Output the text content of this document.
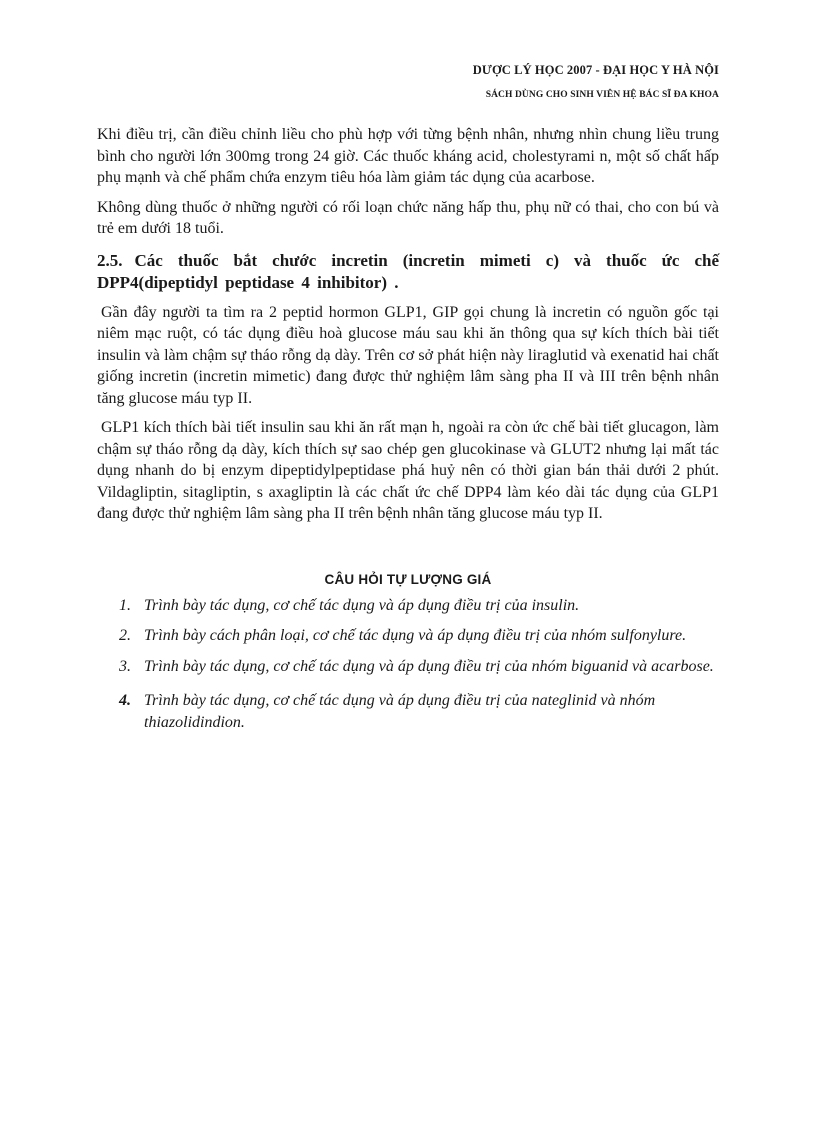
DƯỢC LÝ HỌC 2007 - ĐẠI HỌC Y HÀ NỘI
SÁCH DÙNG CHO SINH VIÊN HỆ BÁC SĨ ĐA KHOA

Khi điều trị, cần điều chỉnh liều cho phù hợp với từng bệnh nhân, nhưng nhìn chung liều trung bình cho người lớn 300mg trong 24 giờ. Các thuốc kháng acid, cholestyrami n, một số chất hấp phụ mạnh và chế phẩm chứa enzym tiêu hóa làm giảm tác dụng của acarbose.

Không dùng thuốc ở những người có rối loạn chức năng hấp thu, phụ nữ có thai, cho con bú và trẻ em dưới 18 tuổi.

2.5. Các thuốc bắt chước incretin (incretin mimeti c) và thuốc ức chế DPP4(dipeptidyl peptidase 4 inhibitor) .

Gần đây người ta tìm ra 2 peptid hormon GLP1, GIP gọi chung là incretin có nguồn gốc tại niêm mạc ruột, có tác dụng điều hoà glucose máu sau khi ăn thông qua sự kích thích bài tiết insulin và làm chậm sự tháo rỗng dạ dày. Trên cơ sở phát hiện này liraglutid và exenatid hai chất giống incretin (incretin mimetic) đang được thử nghiệm lâm sàng pha II và III trên bệnh nhân tăng glucose máu typ II.

GLP1 kích thích bài tiết insulin sau khi ăn rất mạn h, ngoài ra còn ức chế bài tiết glucagon, làm chậm sự tháo rỗng dạ dày, kích thích sự sao chép gen glucokinase và GLUT2 nhưng lại mất tác dụng nhanh do bị enzym dipeptidylpeptidase phá huỷ nên có thời gian bán thải dưới 2 phút. Vildagliptin, sitagliptin, s axagliptin là các chất ức chế DPP4 làm kéo dài tác dụng của GLP1 đang được thử nghiệm lâm sàng pha II trên bệnh nhân tăng glucose máu typ II.

CÂU HỎI TỰ LƯỢNG GIÁ
1. Trình bày tác dụng, cơ chế tác dụng và áp dụng điều trị của insulin.
2. Trình bày cách phân loại, cơ chế tác dụng và áp dụng điều trị của nhóm sulfonylure.
3. Trình bày tác dụng, cơ chế tác dụng và áp dụng điều trị của nhóm biguanid và acarbose.
4. Trình bày tác dụng, cơ chế tác dụng và áp dụng điều trị của nateglinid và nhóm thiazolidindion.
